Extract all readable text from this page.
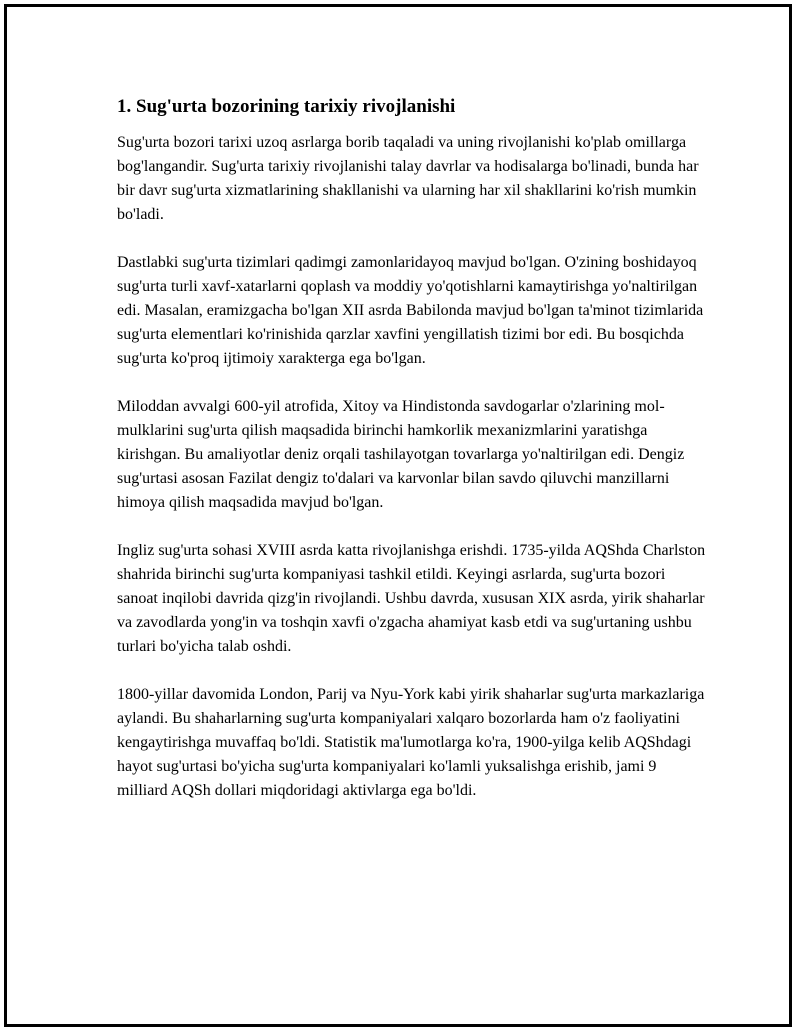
1. Sug'urta bozorining tarixiy rivojlanishi

Sug'urta bozori tarixi uzoq asrlarga borib taqaladi va uning rivojlanishi ko'plab omillarga bog'langandir. Sug'urta tarixiy rivojlanishi talay davrlar va hodisalarga bo'linadi, bunda har bir davr sug'urta xizmatlarining shakllanishi va ularning har xil shakllarini ko'rish mumkin bo'ladi.

Dastlabki sug'urta tizimlari qadimgi zamonlaridayoq mavjud bo'lgan. O'zining boshidayoq sug'urta turli xavf-xatarlarni qoplash va moddiy yo'qotishlarni kamaytirishga yo'naltirilgan edi. Masalan, eramizgacha bo'lgan XII asrda Babilonda mavjud bo'lgan ta'minot tizimlarida sug'urta elementlari ko'rinishida qarzlar xavfini yengillatish tizimi bor edi. Bu bosqichda sug'urta ko'proq ijtimoiy xarakterga ega bo'lgan.

Miloddan avvalgi 600-yil atrofida, Xitoy va Hindistonda savdogarlar o'zlarining mol-mulklarini sug'urta qilish maqsadida birinchi hamkorlik mexanizmlarini yaratishga kirishgan. Bu amaliyotlar deniz orqali tashilayotgan tovarlarga yo'naltirilgan edi. Dengiz sug'urtasi asosan Fazilat dengiz to'dalari va karvonlar bilan savdo qiluvchi manzillarni himoya qilish maqsadida mavjud bo'lgan.

Ingliz sug'urta sohasi XVIII asrda katta rivojlanishga erishdi. 1735-yilda AQShda Charlston shahrida birinchi sug'urta kompaniyasi tashkil etildi. Keyingi asrlarda, sug'urta bozori sanoat inqilobi davrida qizg'in rivojlandi. Ushbu davrda, xususan XIX asrda, yirik shaharlar va zavodlarda yong'in va toshqin xavfi o'zgacha ahamiyat kasb etdi va sug'urtaning ushbu turlari bo'yicha talab oshdi.

1800-yillar davomida London, Parij va Nyu-York kabi yirik shaharlar sug'urta markazlariga aylandi. Bu shaharlarning sug'urta kompaniyalari xalqaro bozorlarda ham o'z faoliyatini kengaytirishga muvaffaq bo'ldi. Statistik ma'lumotlarga ko'ra, 1900-yilga kelib AQShdagi hayot sug'urtasi bo'yicha sug'urta kompaniyalari ko'lamli yuksalishga erishib, jami 9 milliard AQSh dollari miqdoridagi aktivlarga ega bo'ldi.
